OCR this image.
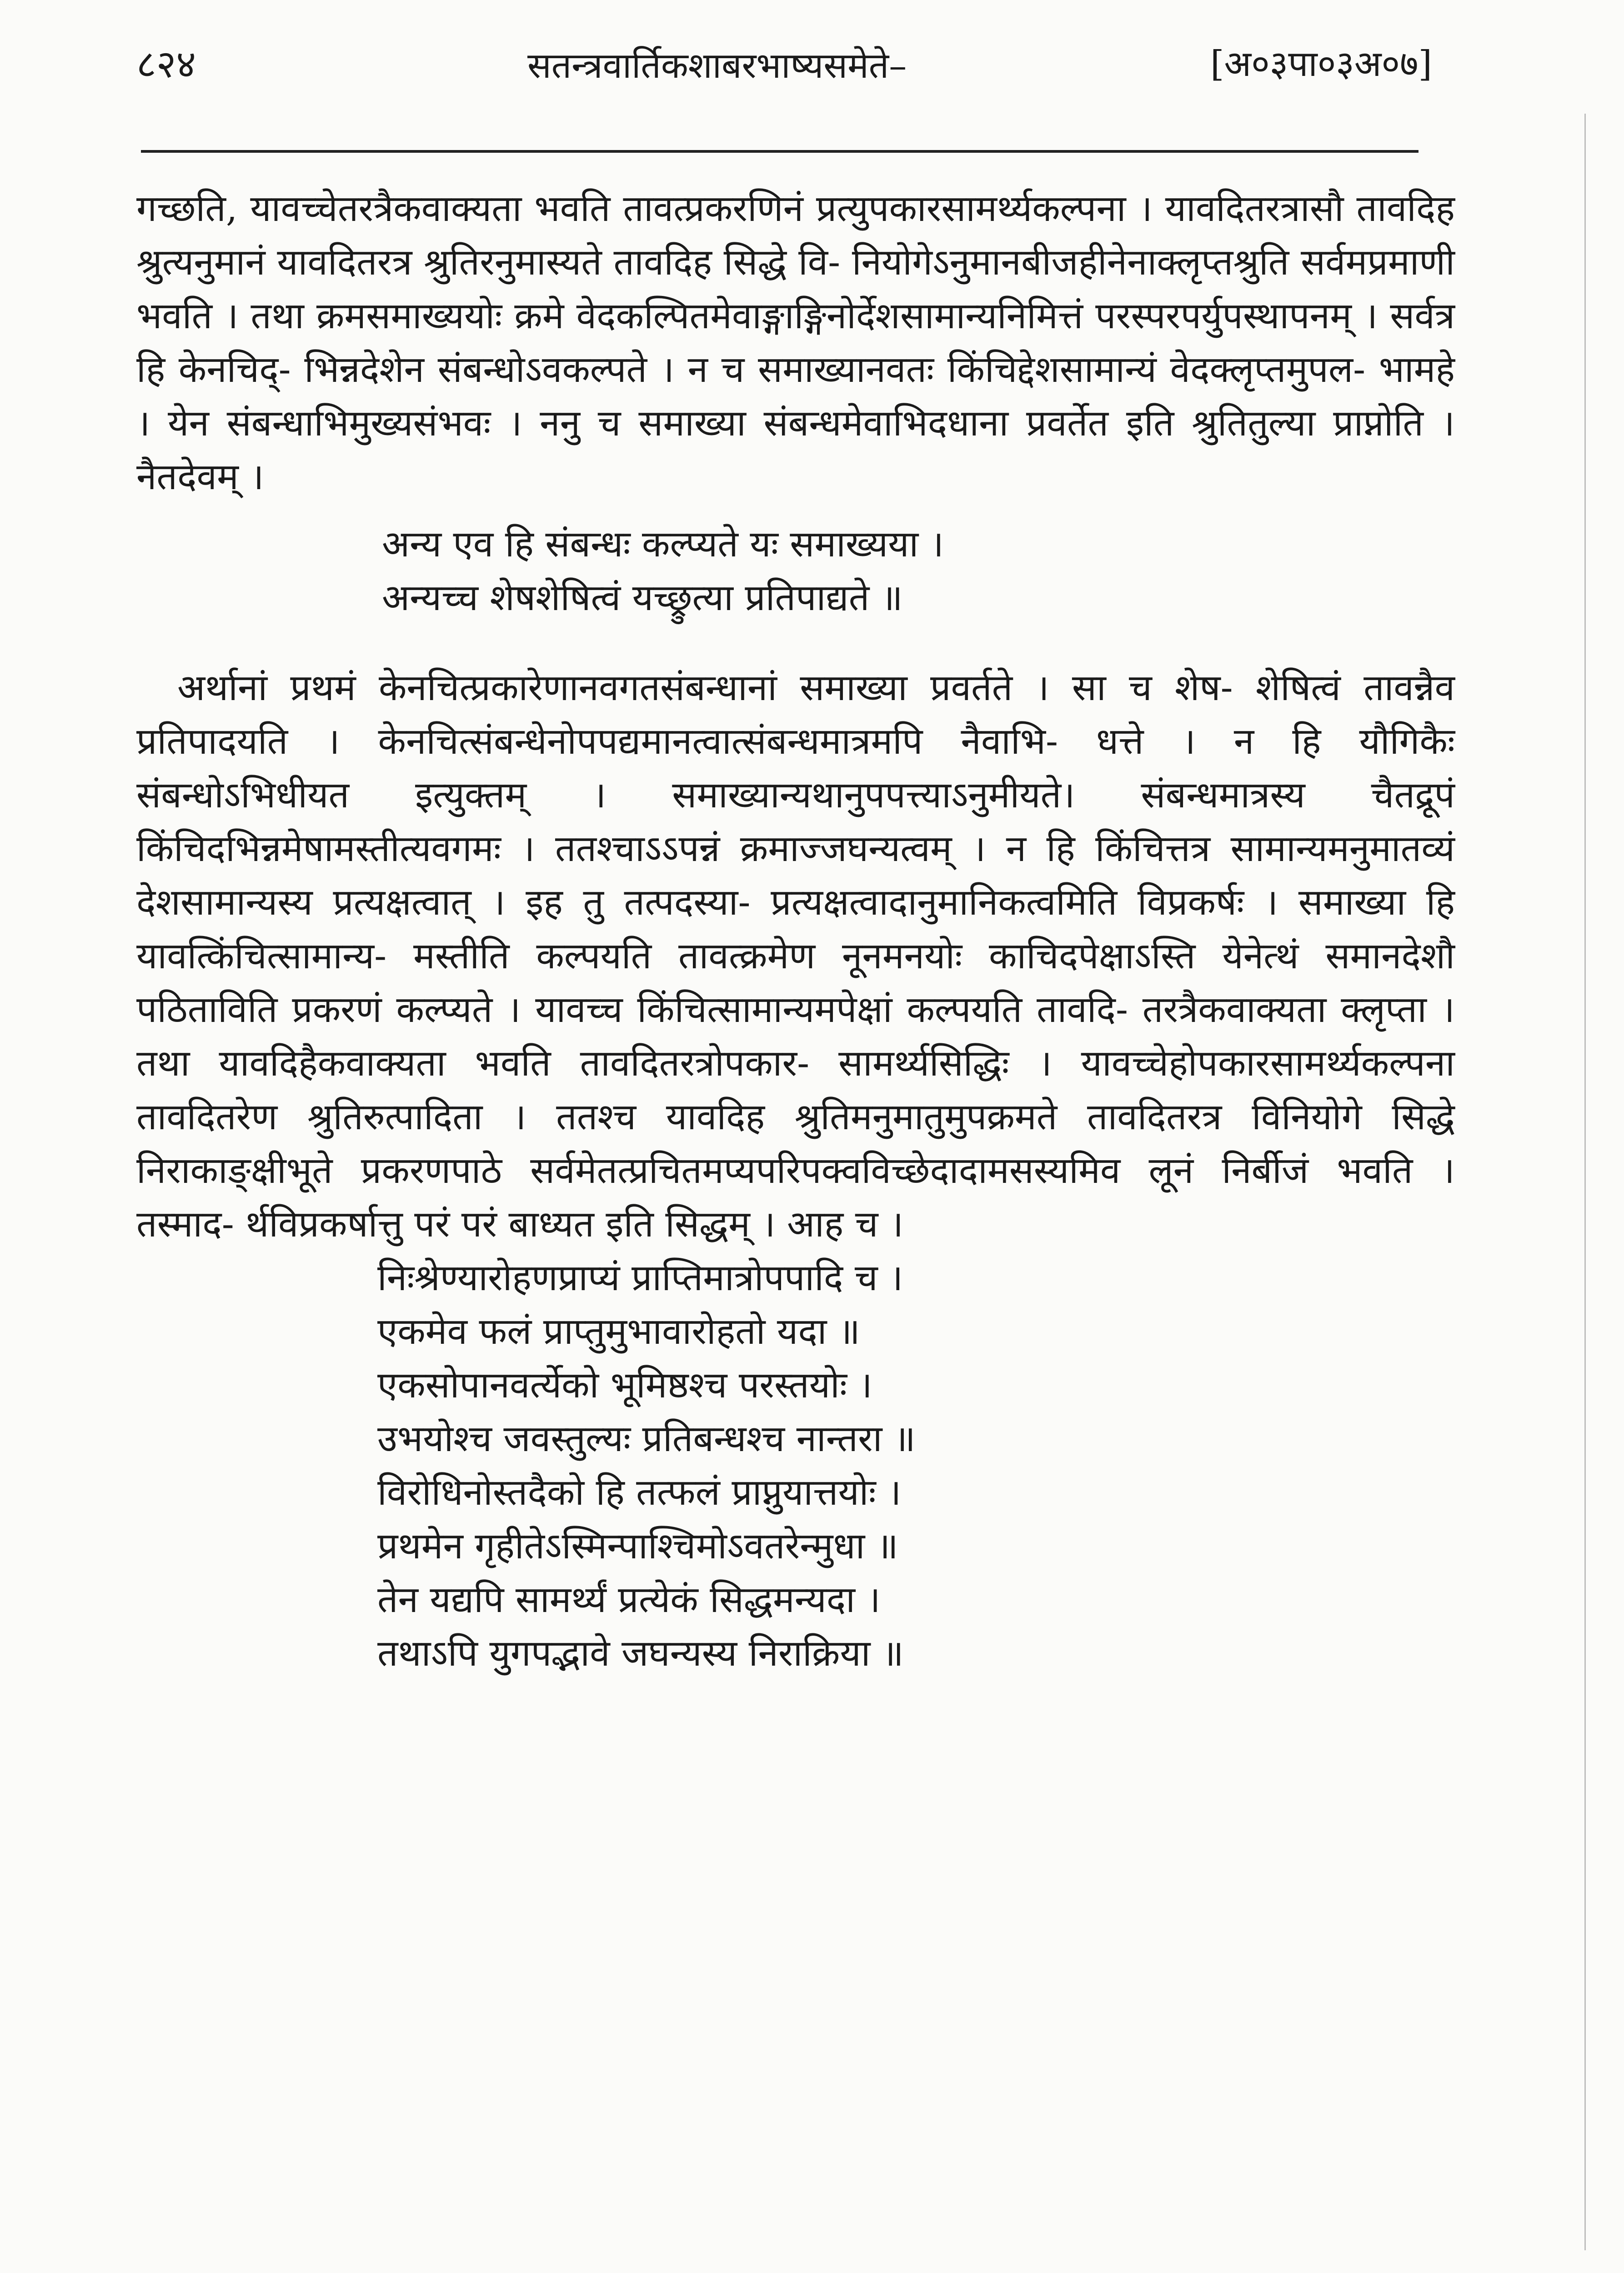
८२४	सतन्त्रवार्तिकशाबरभाष्यसमेते–	[अ०३पा०३अ०७]

गच्छति, यावच्चेतरत्रैकवाक्यता भवति तावत्प्रकरणिनं प्रत्युपकारसामर्थ्यकल्पना । यावदितरत्रासौ तावदिह श्रुत्यनुमानं यावदितरत्र श्रुतिरनुमास्यते तावदिह सिद्धे वि- नियोगेऽनुमानबीजहीनेनाक्लृप्तश्रुति सर्वमप्रमाणी भवति । तथा क्रमसमाख्ययोः क्रमे वेदकल्पितमेवाङ्गाङ्गिनोर्देशसामान्यनिमित्तं परस्परपर्युपस्थापनम् । सर्वत्र हि केनचिद्- भिन्नदेशेन संबन्धोऽवकल्पते । न च समाख्यानवतः किंचिद्देशसामान्यं वेदक्लृप्तमुपल- भामहे । येन संबन्धाभिमुख्यसंभवः । ननु च समाख्या संबन्धमेवाभिदधाना प्रवर्तेत इति श्रुतितुल्या प्राप्नोति । नैतदेवम् ।

अन्य एव हि संबन्धः कल्प्यते यः समाख्यया ।
अन्यच्च शेषशेषित्वं यच्छ्रुत्या प्रतिपाद्यते ॥

अर्थानां प्रथमं केनचित्प्रकारेणानवगतसंबन्धानां समाख्या प्रवर्तते । सा च शेष- शेषित्वं तावन्नैव प्रतिपादयति । केनचित्संबन्धेनोपपद्यमानत्वात्संबन्धमात्रमपि नैवाभि- धत्ते । न हि यौगिकैः संबन्धोऽभिधीयत इत्युक्तम् । समाख्यान्यथानुपपत्त्याऽनुमीयते। संबन्धमात्रस्य चैतद्रूपं किंचिदभिन्नमेषामस्तीत्यवगमः । ततश्चाऽऽपन्नं क्रमाज्जघन्यत्वम् । न हि किंचित्तत्र सामान्यमनुमातव्यं देशसामान्यस्य प्रत्यक्षत्वात् । इह तु तत्पदस्या- प्रत्यक्षत्वादानुमानिकत्वमिति विप्रकर्षः । समाख्या हि यावत्किंचित्सामान्य- मस्तीति कल्पयति तावत्क्रमेण नूनमनयोः काचिदपेक्षाऽस्ति येनेत्थं समानदेशौ पठिताविति प्रकरणं कल्प्यते । यावच्च किंचित्सामान्यमपेक्षां कल्पयति तावदि- तरत्रैकवाक्यता क्लृप्ता । तथा यावदिहैकवाक्यता भवति तावदितरत्रोपकार- सामर्थ्यसिद्धिः । यावच्चेहोपकारसामर्थ्यकल्पना तावदितरेण श्रुतिरुत्पादिता । ततश्च यावदिह श्रुतिमनुमातुमुपक्रमते तावदितरत्र विनियोगे सिद्धे निराकाङ्क्षीभूते प्रकरणपाठे सर्वमेतत्प्रचितमप्यपरिपक्वविच्छेदादामसस्यमिव लूनं निर्बीजं भवति । तस्माद- र्थविप्रकर्षात्तु परं परं बाध्यत इति सिद्धम् । आह च ।

निःश्रेण्यारोहणप्राप्यं प्राप्तिमात्रोपपादि च ।
एकमेव फलं प्राप्तुमुभावारोहतो यदा ॥
एकसोपानवर्त्येको भूमिष्ठश्च परस्तयोः ।
उभयोश्च जवस्तुल्यः प्रतिबन्धश्च नान्तरा ॥
विरोधिनोस्तदैको हि तत्फलं प्राप्नुयात्तयोः ।
प्रथमेन गृहीतेऽस्मिन्पाश्चिमोऽवतरेन्मुधा ॥
तेन यद्यपि सामर्थ्यं प्रत्येकं सिद्धमन्यदा ।
तथाऽपि युगपद्भावे जघन्यस्य निराक्रिया ॥
